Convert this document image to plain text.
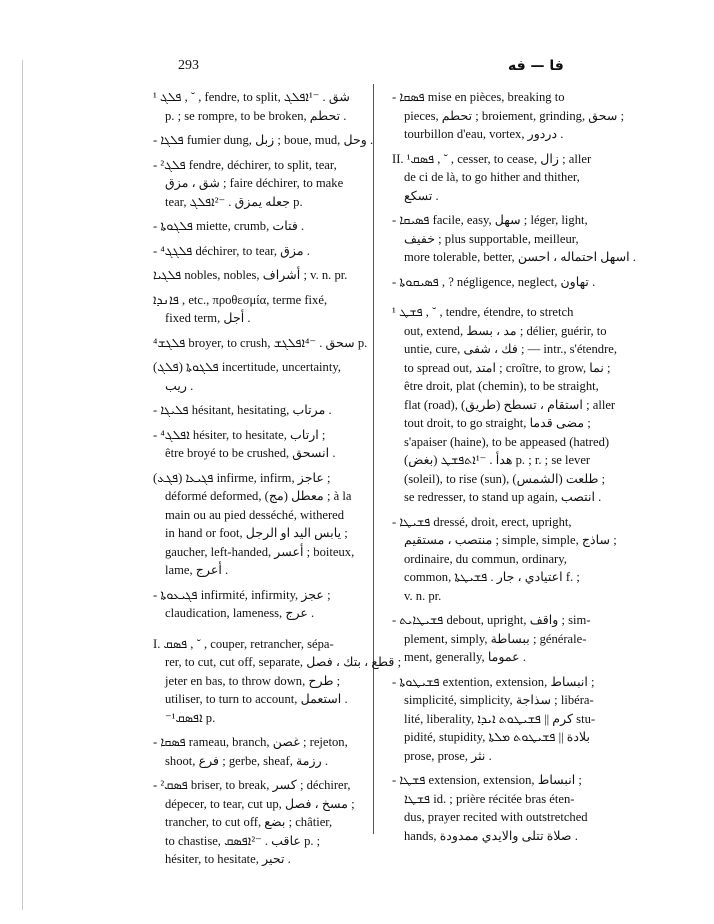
293	فا — فه
¹ ܦܠܓ , ˘ , fendre, to split, ﺷﻖ . ⁻¹ܐܦܠܓ
p. ; se rompre, to be broken, ﺗﺤﻄﻢ .
- ܦܠܓܐ fumier dung, زبل ; boue, mud, وحل .
- ²ܦܠܓ fendre, déchirer, to split, tear,
ﺷﻖ ، ﻣﺰق ; faire déchirer, to make
tear, ﺟﻌﻠﻪ ﻳﻤﺰق . ⁻²ܐܦܠܓ p.
- ܦܠܓܘܬܐ miette, crumb, ﻓﺘﺎت .
- ⁴ܦܠܓܓ déchirer, to tear, ﻣﺰق .
ܦܠܓܝܐ nobles, nobles, أﺷﺮاف ; v. n. pr.
ܦܐܢܕܐ , etc., προθεσμία, terme fixé,
fixed term, أﺟﻞ .
⁴ܦܠܓܫ broyer, to crush, ﺳﺤﻖ . ⁻⁴ܐܦܠܓܫ p.
(ܦܠܓ) ܦܠܓܘܬܐ incertitude, uncertainty,
رﻳﺐ .
- ܦܠܝܓܐ hésitant, hesitating, ﻣﺮﺗﺎب .
- ⁴ܐܦܠܓ hésiter, to hesitate, ارﺗﺎب ;
être broyé to be crushed, اﻧﺴﺤﻖ .
(ܦܓܥ) ܦܓܝܥܐ infirme, infirm, ﻋﺎﺟﺰ ;
déformé deformed, (ﻣﺞ) ﻣﻌﻄﻞ ; à la
main ou au pied desséché, withered
in hand or foot, ﻳﺎﺑﺲ اﻟﻴﺪ او اﻟﺮﺟﻞ ;
gaucher, left-handed, أﻋﺴﺮ ; boiteux,
lame, أﻋﺮج .
- ܦܓܝܥܘܬܐ infirmité, infirmity, ﻋﺠﺰ ;
claudication, lameness, ﻋﺮج .
I. ܦܣܩ , ˘ , couper, retrancher, sépa-
rer, to cut, cut off, separate, ﻗﻄﻊ ، ﺑﺘﻚ ، ﻓﺼﻞ ;
jeter en bas, to throw down, ﻃﺮح ;
utiliser, to turn to account, اﺳﺘﻌﻤﻞ .
⁻¹ܐܦܣܩ p.
- ܦܣܩܐ rameau, branch, ﻏﺼﻦ ; rejeton,
shoot, ﻓﺮع ; gerbe, sheaf, رزﻣﺔ .
- ²ܦܣܩ briser, to break, ﻛﺴﺮ ; déchirer,
dépecer, to tear, cut up, ﻣﺴﺦ ، ﻓﺼﻞ ;
trancher, to cut off, ﺑﻀﻊ ; châtier,
to chastise, ﻋﺎﻗﺐ . ⁻²ܐܦܣܩ p. ;
hésiter, to hesitate, ﺗﺤﻴﺮ .
- ܦܣܩܐ mise en pièces, breaking to
pieces, ﺗﺤﻄﻢ ; broiement, grinding, ﺳﺤﻖ ;
tourbillon d'eau, vortex, دردور .
II. ¹ܦܣܩ , ˘ , cesser, to cease, زال ; aller
de ci de là, to go hither and thither,
ﺗﺴﻜﻊ .
- ܦܣܝܩܐ facile, easy, ﺳﻬﻞ ; léger, light,
ﺧﻔﻴﻒ ; plus supportable, meilleur,
more tolerable, better, اﺳﻬﻞ اﺣﺘﻤﺎﻟﻪ ، اﺣﺴﻦ .
- ܦܣܝܩܘܬܐ , ? négligence, neglect, ﺗﻬﺎون .
¹ ܦܫܛ , ˘ , tendre, étendre, to stretch
out, extend, ﻣﺪ ، ﺑﺴﻂ ; délier, guérir, to
untie, cure, ﻓﻚ ، ﺷﻔﻰ ; — intr., s'étendre,
to spread out, اﻣﺘﺪ ; croître, to grow, ﻧﻤﺎ ;
être droit, plat (chemin), to be straight,
flat (road), (ﻃﺮﻳﻖ) اﺳﺘﻘﺎم ، ﺗﺴﻄﺢ ; aller
tout droit, to go straight, ﻣﻀﻰ ﻗﺪﻣﺎ ;
s'apaiser (haine), to be appeased (hatred)
(ﺑﻐﺾ) ﻫﺪأ . ⁻¹ܐܬܦܫܛ p. ; r. ; se lever
(soleil), to rise (sun), (اﻟﺸﻤﺲ) ﻃﻠﻌﺖ ;
se redresser, to stand up again, اﻧﺘﺼﺐ .
- ܦܫܝܛܐ dressé, droit, erect, upright,
ﻣﻨﺘﺼﺐ ، ﻣﺴﺘﻘﻴﻢ ; simple, simple, ﺳﺎذج ;
ordinaire, du commun, ordinary,
common, اﻋﺘﻴﺎدي ، ﺟﺎر . ܦܫܝܛܬܐ f. ;
v. n. pr.
- ܦܫܝܛܐܝܬ debout, upright, واﻗﻒ ; sim-
plement, simply, ﺑﺒﺴﺎﻃﺔ ; générale-
ment, generally, ﻋﻤﻮﻣﺎ .
- ܦܫܝܛܘܬܐ extention, extension, اﻧﺒﺴﺎط ;
simplicité, simplicity, ﺳﺬاﺟﺔ ; libéra-
lité, liberality, ﻛﺮم || ܦܫܝܛܘܬ ܐܝܕܐ stu-
pidité, stupidity, ﺑﻼدة || ܦܫܝܛܘܬ ܡܠܬܐ
prose, prose, ﻧﺜﺮ .
- ܦܫܛܐ extension, extension, اﻧﺒﺴﺎط ;
ܦܫܛܐ id. ; prière récitée bras éten-
dus, prayer recited with outstretched
hands, ﺻﻼة ﺗﺘﻠﻰ واﻻﻳﺪي ﻣﻤﺪودة .
